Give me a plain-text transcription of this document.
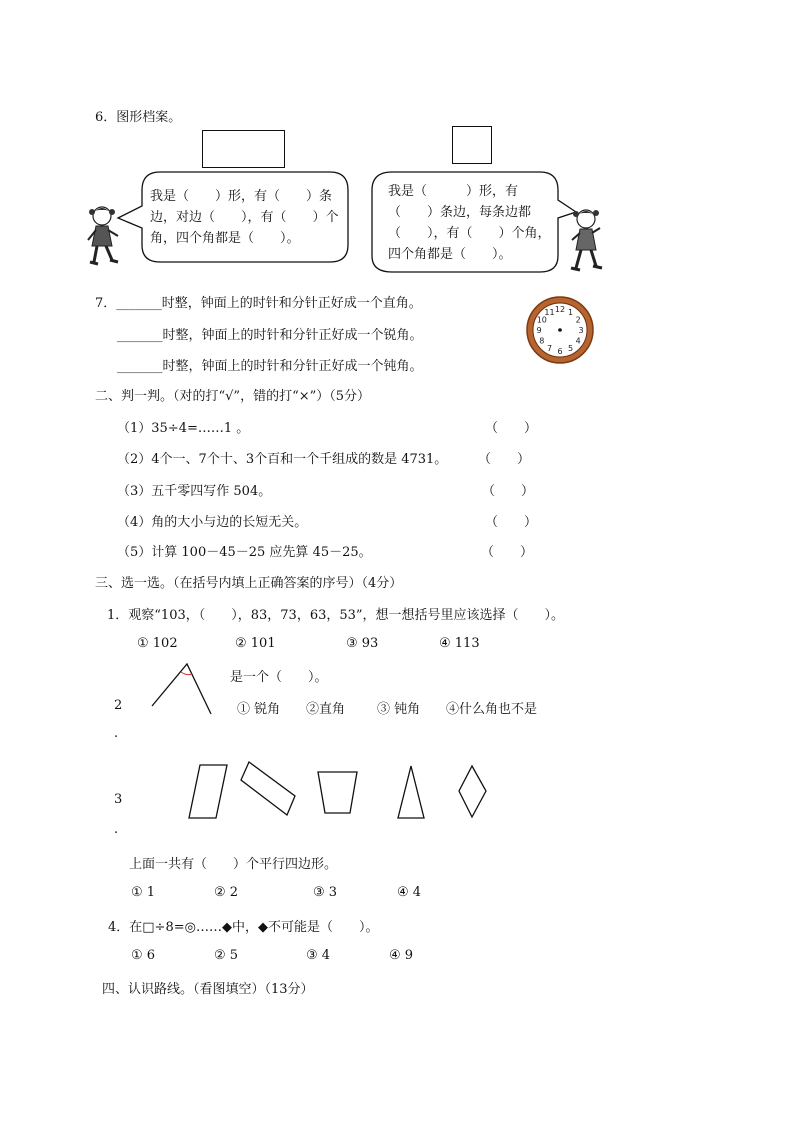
6．图形档案。
我是（　　）形，有（　　）条
边，对边（　　），有（　　）个
角，四个角都是（　　）。
我是（　　　）形，有
（　　）条边，每条边都
（　　），有（　　）个角，
四个角都是（　　）。
7．_______时整，钟面上的时针和分针正好成一个直角。
_______时整，钟面上的时针和分针正好成一个锐角。
_______时整，钟面上的时针和分针正好成一个钝角。
12 1
2
3
4
5
6
7
8
9
10
11
二、判一判。（对的打“√”，错的打“×”）（5分）
（1）35÷4=……1 。	（　　）
（2）4个一、7个十、3个百和一个千组成的数是 4731。 （　　）
（3）五千零四写作 504。	（　　）
（4）角的大小与边的长短无关。	（　　）
（5）计算 100－45－25 应先算 45－25。	（　　）
三、选一选。（在括号内填上正确答案的序号）（4分）
1．观察“103，（　　），83，73，63，53”，想一想括号里应该选择（　　）。
① 102	② 101	③ 93	④ 113
是一个（　　）。
2
.
① 锐角 ②直角 ③ 钝角 ④什么角也不是
3
.
上面一共有（　　）个平行四边形。
① 1	② 2	③ 3	④ 4
4．在□÷8=◎……◆中，◆不可能是（　　）。
① 6	② 5	③ 4	④ 9
四、认识路线。（看图填空）（13分）
